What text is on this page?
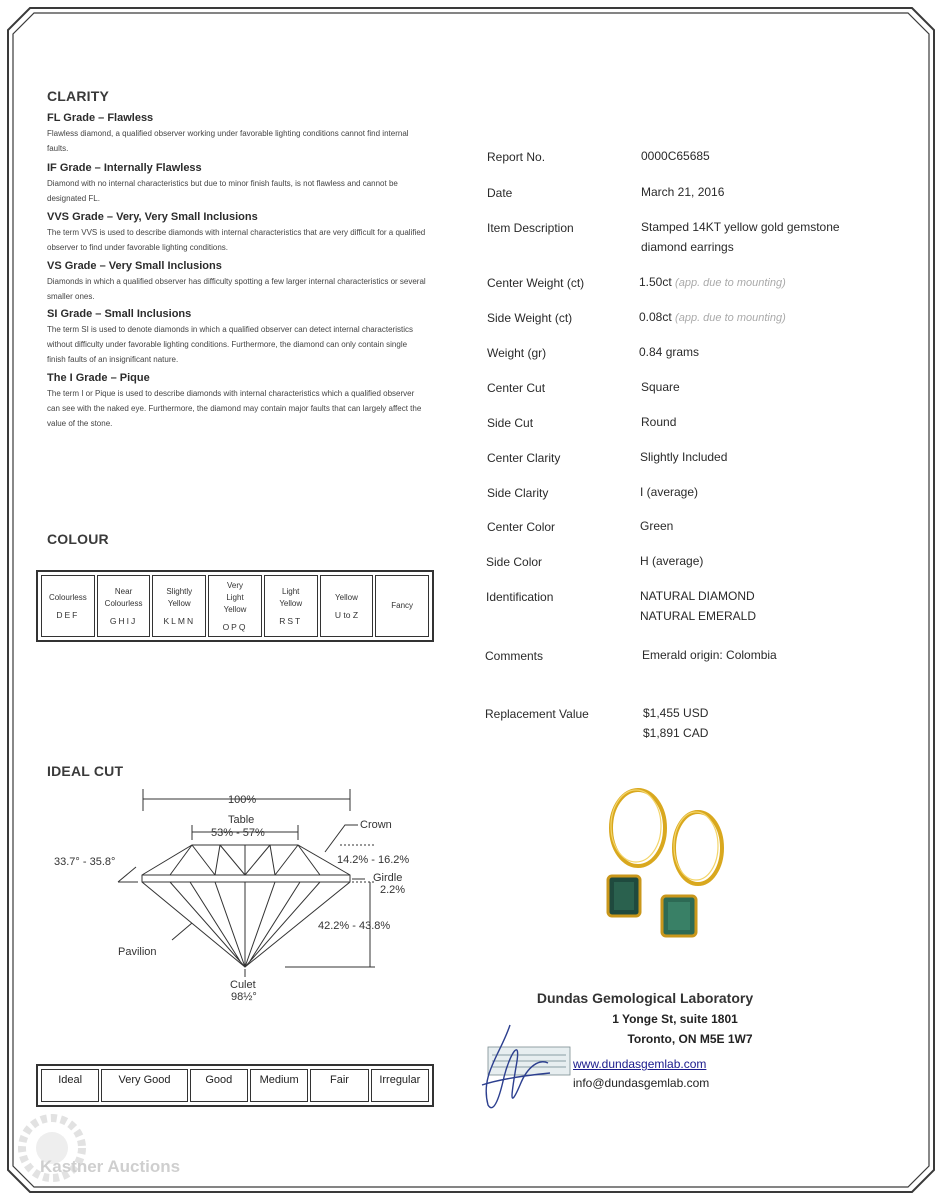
CLARITY
FL Grade – Flawless

Flawless diamond, a qualified observer working under favorable lighting conditions cannot find internal faults.

IF Grade – Internally Flawless

Diamond with no internal characteristics but due to minor finish faults, is not flawless and cannot be designated FL.

VVS Grade – Very, Very Small Inclusions

The term VVS is used to describe diamonds with internal characteristics that are very difficult for a qualified observer to find under favorable lighting conditions.

VS Grade – Very Small Inclusions

Diamonds in which a qualified observer has difficulty spotting a few larger internal characteristics or several smaller ones.

SI Grade – Small Inclusions

The term SI is used to denote diamonds in which a qualified observer can detect internal characteristics without difficulty under favorable lighting conditions. Furthermore, the diamond can only contain single finish faults of an insignificant nature.

The I Grade – Pique

The term I or Pique is used to describe diamonds with internal characteristics which a qualified observer can see with the naked eye. Furthermore, the diamond may contain major faults that can largely affect the value of the stone.

COLOUR
Colourless
DEF
Near Colourless
GHIJ
Slightly Yellow
KLMN
Very Light Yellow
OPQ
Light Yellow
RST
Yellow
U to Z
Fancy
IDEAL CUT
100%
Table
53% - 57%
Crown
33.7° - 35.8°	14.2% - 16.2%
Girdle
2.2%
42.2% - 43.8%
Pavilion
Culet
98½°
Ideal	Very Good	Good	Medium	Fair	Irregular
Report No.	0000C65685
Date	March 21, 2016
Item Description	Stamped 14KT yellow gold gemstone diamond earrings
Center Weight (ct)	1.50ct (app. due to mounting)
Side Weight (ct)	0.08ct (app. due to mounting)
Weight (gr)	0.84 grams
Center Cut	Square
Side Cut	Round
Center Clarity	Slightly Included
Side Clarity	I (average)
Center Color	Green
Side Color	H (average)
Identification	NATURAL DIAMOND
NATURAL EMERALD
Comments	Emerald origin: Colombia
Replacement Value	$1,455 USD
$1,891 CAD
Dundas Gemological Laboratory
1 Yonge St, suite 1801
Toronto, ON M5E 1W7
www.dundasgemlab.com
info@dundasgemlab.com
Kastner Auctions
